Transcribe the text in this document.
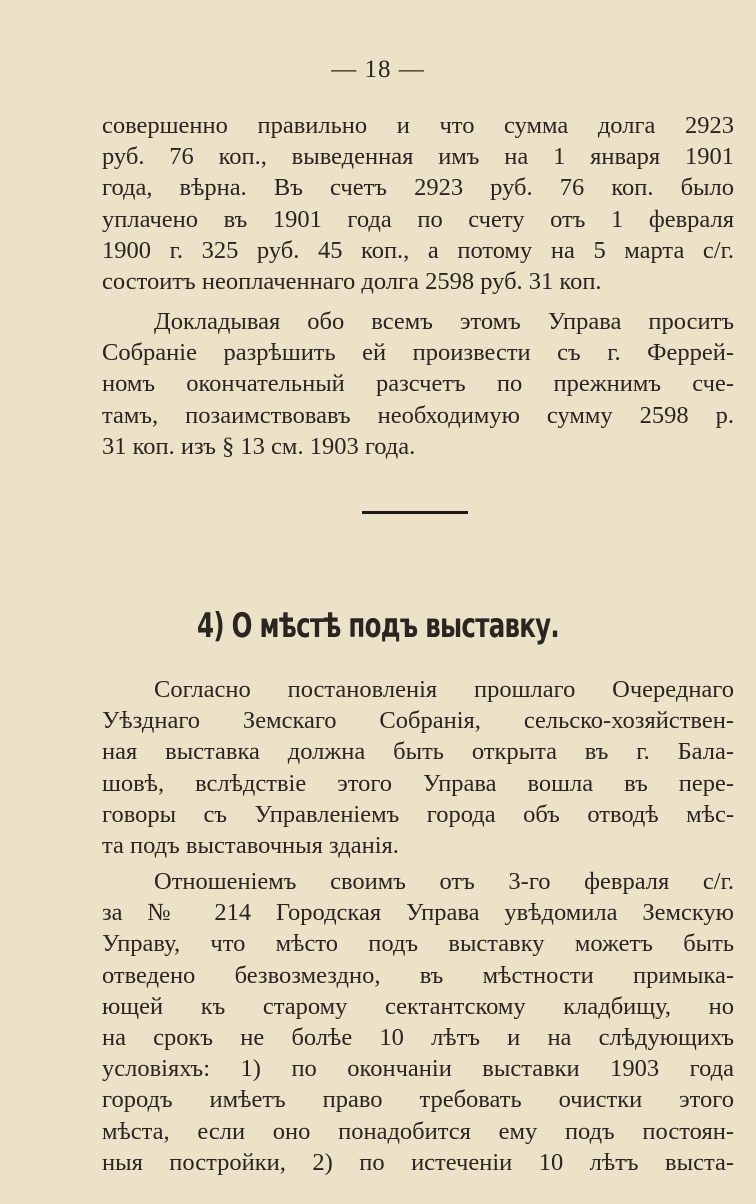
— 18 —
совершенно правильно и что сумма долга 2923
руб. 76 коп., выведенная имъ на 1 января 1901
года, вѣрна. Въ счетъ 2923 руб. 76 коп. было
уплачено въ 1901 года по счету отъ 1 февраля
1900 г. 325 руб. 45 коп., а потому на 5 марта с/г.
состоитъ неоплаченнаго долга 2598 руб. 31 коп.
Докладывая обо всемъ этомъ Управа проситъ
Собраніе разрѣшить ей произвести съ г. Феррей-
номъ окончательный разсчетъ по прежнимъ сче-
тамъ, позаимствовавъ необходимую сумму 2598 р.
31 коп. изъ § 13 см. 1903 года.
4) О мѣстѣ подъ выставку.
Согласно постановленія прошлаго Очереднаго
Уѣзднаго Земскаго Собранія, сельско-хозяйствен-
ная выставка должна быть открыта въ г. Бала-
шовѣ, вслѣдствіе этого Управа вошла въ пере-
говоры съ Управленіемъ города объ отводѣ мѣс-
та подъ выставочныя зданія.
Отношеніемъ своимъ отъ 3-го февраля с/г.
за № 214 Городская Управа увѣдомила Земскую
Управу, что мѣсто подъ выставку можетъ быть
отведено безвозмездно, въ мѣстности примыка-
ющей къ старому сектантскому кладбищу, но
на срокъ не болѣе 10 лѣтъ и на слѣдующихъ
условіяхъ: 1) по окончаніи выставки 1903 года
городъ имѣетъ право требовать очистки этого
мѣста, если оно понадобится ему подъ постоян-
ныя постройки, 2) по истеченіи 10 лѣтъ выста-
